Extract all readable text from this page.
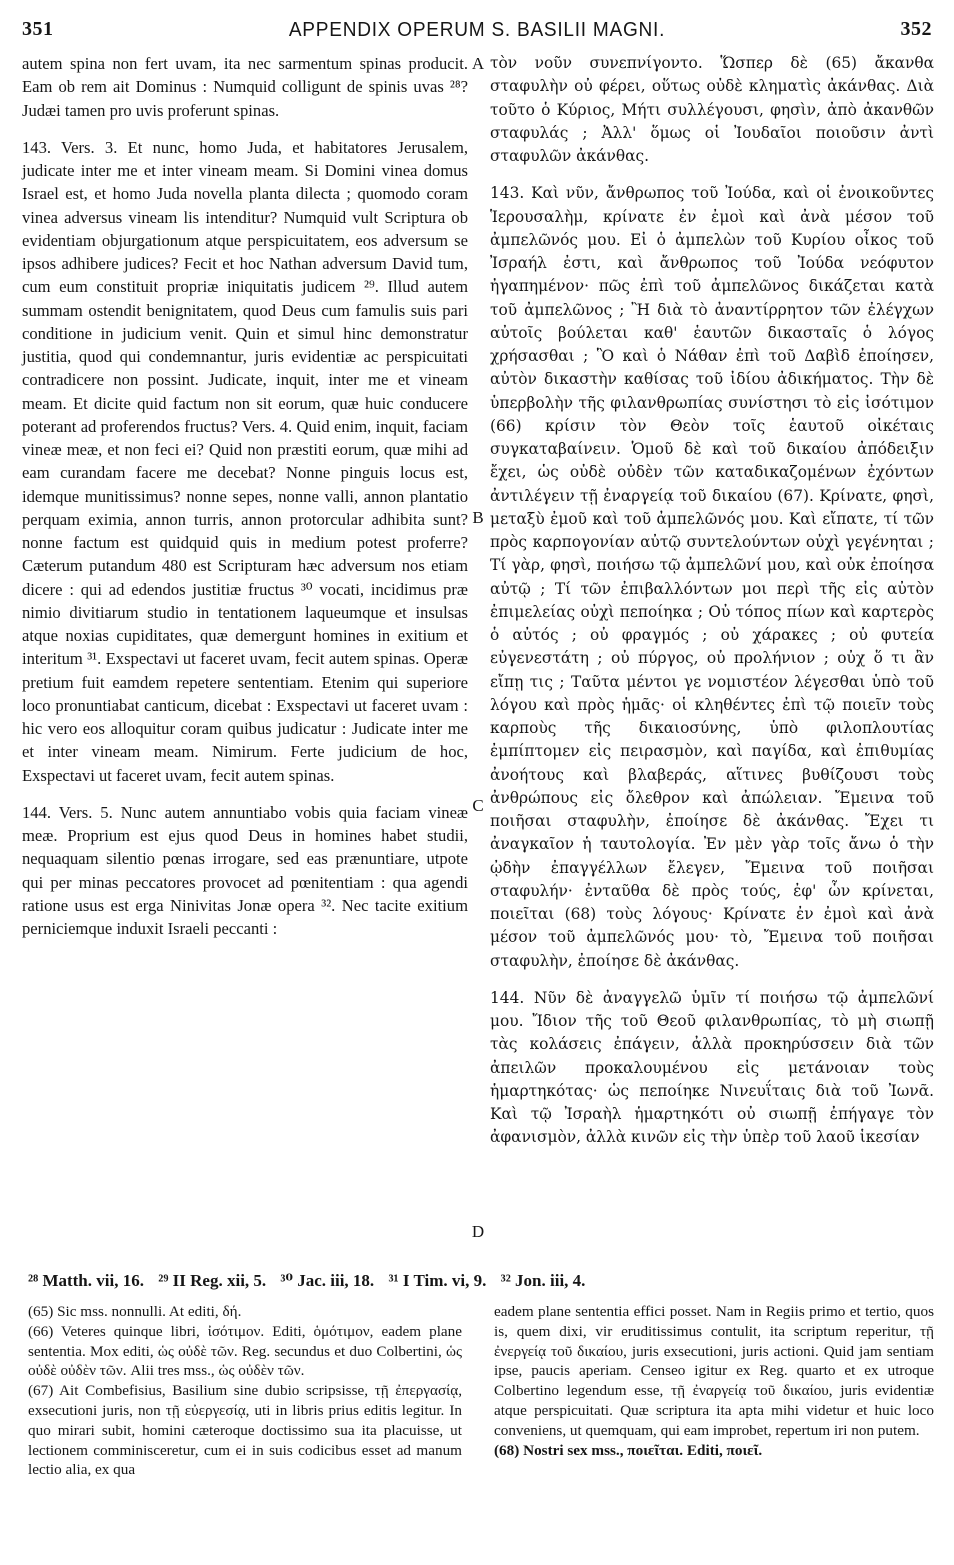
351	APPENDIX OPERUM S. BASILII MAGNI.	352

autem spina non fert uvam, ita nec sarmentum spinas producit. Eam ob rem ait Dominus : Numquid colligunt de spinis uvas ²⁸? Judæi tamen pro uvis proferunt spinas.

143. Vers. 3. Et nunc, homo Juda, et habitatores Jerusalem, judicate inter me et inter vineam meam. Si Domini vinea domus Israel est, et homo Juda novella planta dilecta ; quomodo coram vinea adversus vineam lis intenditur? Numquid vult Scriptura ob evidentiam objurgationum atque perspicuitatem, eos adversum se ipsos adhibere judices? Fecit et hoc Nathan adversum David tum, cum eum constituit propriæ iniquitatis judicem ²⁹. Illud autem summam ostendit benignitatem, quod Deus cum famulis suis pari conditione in judicium venit. Quin et simul hinc demonstratur justitia, quod qui condemnantur, juris evidentiæ ac perspicuitati contradicere non possint. Judicate, inquit, inter me et vineam meam. Et dicite quid factum non sit eorum, quæ huic conducere poterant ad proferendos fructus? Vers. 4. Quid enim, inquit, faciam vineæ meæ, et non feci ei? Quid non præstiti eorum, quæ mihi ad eam curandam facere me decebat? Nonne pinguis locus est, idemque munitissimus? nonne sepes, nonne valli, annon plantatio perquam eximia, annon turris, annon protorcular adhibita sunt? nonne factum est quidquid quis in medium potest proferre? Cæterum putandum 480 est Scripturam hæc adversum nos etiam dicere : qui ad edendos justitiæ fructus ³⁰ vocati, incidimus præ nimio divitiarum studio in tentationem laqueumque et insulsas atque noxias cupiditates, quæ demergunt homines in exitium et interitum ³¹. Exspectavi ut faceret uvam, fecit autem spinas. Operæ pretium fuit eamdem repetere sententiam. Etenim qui superiore loco pronuntiabat canticum, dicebat : Exspectavi ut faceret uvam : hic vero eos alloquitur coram quibus judicatur : Judicate inter me et inter vineam meam. Nimirum. Ferte judicium de hoc, Exspectavi ut faceret uvam, fecit autem spinas.

144. Vers. 5. Nunc autem annuntiabo vobis quia faciam vineæ meæ. Proprium est ejus quod Deus in homines habet studii, nequaquam silentio pœnas irrogare, sed eas prænuntiare, utpote qui per minas peccatores provocet ad pœnitentiam : qua agendi ratione usus est erga Ninivitas Jonæ opera ³². Nec tacite exitium perniciemque induxit Israeli peccanti :

τὸν νοῦν συνεπνίγοντο. Ὥσπερ δὲ (65) ἄκανθα σταφυλὴν οὐ φέρει, οὕτως οὐδὲ κληματὶς ἀκάνθας. Διὰ τοῦτο ὁ Κύριος, Μήτι συλλέγουσι, φησὶν, ἀπὸ ἀκανθῶν σταφυλάς ; Ἀλλ' ὅμως οἱ Ἰουδαῖοι ποιοῦσιν ἀντὶ σταφυλῶν ἀκάνθας.

143. Καὶ νῦν, ἄνθρωπος τοῦ Ἰούδα, καὶ οἱ ἐνοικοῦντες Ἱερουσαλὴμ, κρίνατε ἐν ἐμοὶ καὶ ἀνὰ μέσον τοῦ ἀμπελῶνός μου. Εἰ ὁ ἀμπελὼν τοῦ Κυρίου οἶκος τοῦ Ἰσραήλ ἐστι, καὶ ἄνθρωπος τοῦ Ἰούδα νεόφυτον ἠγαπημένον· πῶς ἐπὶ τοῦ ἀμπελῶνος δικάζεται κατὰ τοῦ ἀμπελῶνος ; Ἢ διὰ τὸ ἀναντίρρητον τῶν ἐλέγχων αὐτοῖς βούλεται καθ' ἑαυτῶν δικασταῖς ὁ λόγος χρήσασθαι ; Ὃ καὶ ὁ Νάθαν ἐπὶ τοῦ Δαβὶδ ἐποίησεν, αὐτὸν δικαστὴν καθίσας τοῦ ἰδίου ἀδικήματος. Τὴν δὲ ὑπερβολὴν τῆς φιλανθρωπίας συνίστησι τὸ εἰς ἰσότιμον (66) κρίσιν τὸν Θεὸν τοῖς ἑαυτοῦ οἰκέταις συγκαταβαίνειν. Ὁμοῦ δὲ καὶ τοῦ δικαίου ἀπόδειξιν ἔχει, ὡς οὐδὲ οὐδὲν τῶν καταδικαζομένων ἐχόντων ἀντιλέγειν τῇ ἐναργείᾳ τοῦ δικαίου (67). Κρίνατε, φησὶ, μεταξὺ ἐμοῦ καὶ τοῦ ἀμπελῶνός μου. Καὶ εἴπατε, τί τῶν πρὸς καρπογονίαν αὐτῷ συντελούντων οὐχὶ γεγένηται ; Τί γὰρ, φησὶ, ποιήσω τῷ ἀμπελῶνί μου, καὶ οὐκ ἐποίησα αὐτῷ ; Τί τῶν ἐπιβαλλόντων μοι περὶ τῆς εἰς αὐτὸν ἐπιμελείας οὐχὶ πεποίηκα ; Οὐ τόπος πίων καὶ καρτερὸς ὁ αὐτός ; οὐ φραγμός ; οὐ χάρακες ; οὐ φυτεία εὐγενεστάτη ; οὐ πύργος, οὐ προλήνιον ; οὐχ ὅ τι ἂν εἴπῃ τις ; Ταῦτα μέντοι γε νομιστέον λέγεσθαι ὑπὸ τοῦ λόγου καὶ πρὸς ἡμᾶς· οἱ κληθέντες ἐπὶ τῷ ποιεῖν τοὺς καρποὺς τῆς δικαιοσύνης, ὑπὸ φιλοπλουτίας ἐμπίπτομεν εἰς πειρασμὸν, καὶ παγίδα, καὶ ἐπιθυμίας ἀνοήτους καὶ βλαβεράς, αἵτινες βυθίζουσι τοὺς ἀνθρώπους εἰς ὄλεθρον καὶ ἀπώλειαν. Ἔμεινα τοῦ ποιῆσαι σταφυλὴν, ἐποίησε δὲ ἀκάνθας. Ἔχει τι ἀναγκαῖον ἡ ταυτολογία. Ἐν μὲν γὰρ τοῖς ἄνω ὁ τὴν ᾠδὴν ἐπαγγέλλων ἔλεγεν, Ἔμεινα τοῦ ποιῆσαι σταφυλήν· ἐνταῦθα δὲ πρὸς τούς, ἐφ' ὧν κρίνεται, ποιεῖται (68) τοὺς λόγους· Κρίνατε ἐν ἐμοὶ καὶ ἀνὰ μέσον τοῦ ἀμπελῶνός μου· τὸ, Ἔμεινα τοῦ ποιῆσαι σταφυλὴν, ἐποίησε δὲ ἀκάνθας.

144. Νῦν δὲ ἀναγγελῶ ὑμῖν τί ποιήσω τῷ ἀμπελῶνί μου. Ἴδιον τῆς τοῦ Θεοῦ φιλανθρωπίας, τὸ μὴ σιωπῇ τὰς κολάσεις ἐπάγειν, ἀλλὰ προκηρύσσειν διὰ τῶν ἀπειλῶν προκαλουμένου εἰς μετάνοιαν τοὺς ἡμαρτηκότας· ὡς πεποίηκε Νινευΐταις διὰ τοῦ Ἰωνᾶ. Καὶ τῷ Ἰσραὴλ ἡμαρτηκότι οὐ σιωπῇ ἐπήγαγε τὸν ἀφανισμὸν, ἀλλὰ κινῶν εἰς τὴν ὑπὲρ τοῦ λαοῦ ἱκεσίαν

A
B
C
D
²⁸ Matth. vii, 16. ²⁹ II Reg. xii, 5. ³⁰ Jac. iii, 18. ³¹ I Tim. vi, 9. ³² Jon. iii, 4.

(65) Sic mss. nonnulli. At editi, δή.

(66) Veteres quinque libri, ἰσότιμον. Editi, ὁμότιμον, eadem plane sententia. Mox editi, ὡς οὐδὲ τῶν. Reg. secundus et duo Colbertini, ὡς οὐδὲ οὐδὲν τῶν. Alii tres mss., ὡς οὐδὲν τῶν.

(67) Ait Combefisius, Basilium sine dubio scripsisse, τῇ ἐπεργασίᾳ, exsecutioni juris, non τῇ εὐεργεσίᾳ, uti in libris prius editis legitur. In quo mirari subit, homini cæteroque doctissimo sua ita placuisse, ut lectionem comminisceretur, cum ei in suis codicibus esset ad manum lectio alia, ex qua

eadem plane sententia effici posset. Nam in Regiis primo et tertio, quos is, quem dixi, vir eruditissimus contulit, ita scriptum reperitur, τῇ ἐνεργείᾳ τοῦ δικαίου, juris exsecutioni, juris actioni. Quid jam sentiam ipse, paucis aperiam. Censeo igitur ex Reg. quarto et ex utroque Colbertino legendum esse, τῇ ἐναργείᾳ τοῦ δικαίου, juris evidentiæ atque perspicuitati. Quæ scriptura ita apta mihi videtur et huic loco conveniens, ut quemquam, qui eam improbet, repertum iri non putem.

(68) Nostri sex mss., ποιεῖται. Editi, ποιεῖ.
